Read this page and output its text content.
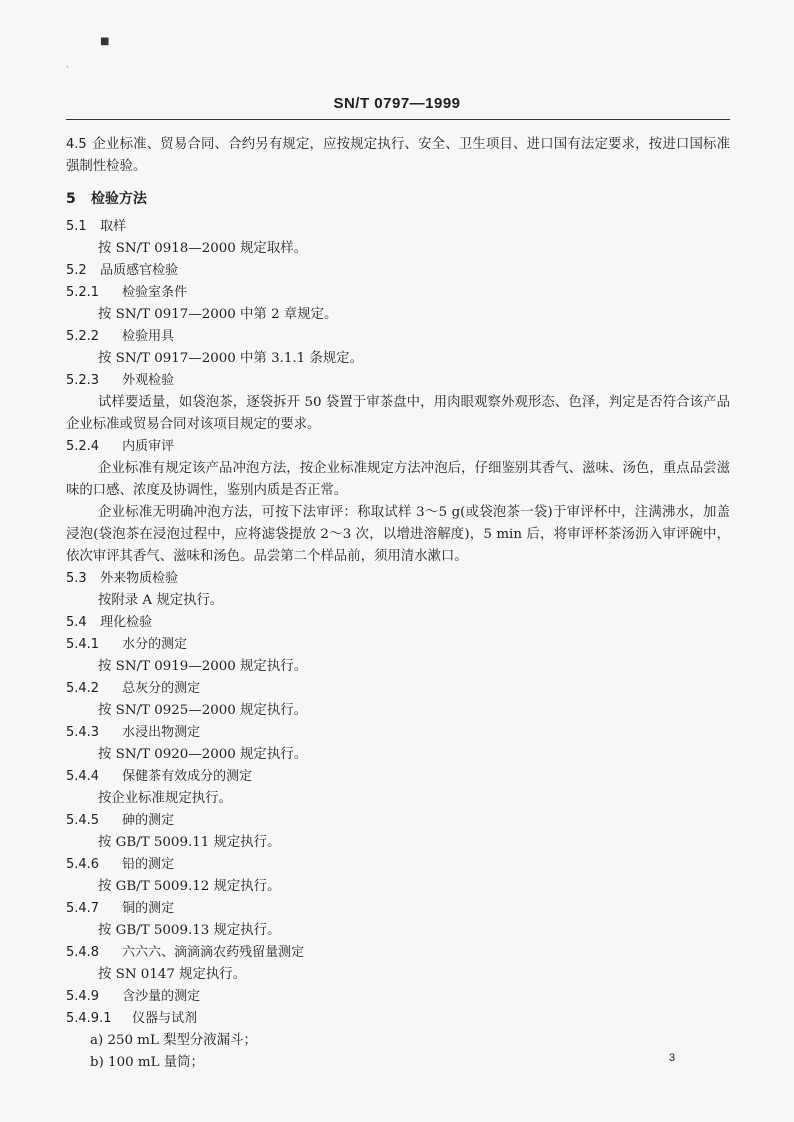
■
ˋ
SN/T 0797—1999
4.5 企业标准、贸易合同、合约另有规定，应按规定执行、安全、卫生项目、进口国有法定要求，按进口国标准强制性检验。
5 检验方法
5.1 取样
按 SN/T 0918—2000 规定取样。
5.2 品质感官检验
5.2.1 检验室条件
按 SN/T 0917—2000 中第 2 章规定。
5.2.2 检验用具
按 SN/T 0917—2000 中第 3.1.1 条规定。
5.2.3 外观检验
试样要适量，如袋泡茶，逐袋拆开 50 袋置于审茶盘中，用肉眼观察外观形态、色泽，判定是否符合该产品企业标准或贸易合同对该项目规定的要求。
5.2.4 内质审评
企业标准有规定该产品冲泡方法，按企业标准规定方法冲泡后，仔细鉴别其香气、滋味、汤色，重点品尝滋味的口感、浓度及协调性，鉴别内质是否正常。
企业标准无明确冲泡方法，可按下法审评：称取试样 3～5 g(或袋泡茶一袋)于审评杯中，注满沸水，加盖浸泡(袋泡茶在浸泡过程中，应将滤袋提放 2～3 次，以增进溶解度)，5 min 后，将审评杯茶汤沥入审评碗中，依次审评其香气、滋味和汤色。品尝第二个样品前，须用清水漱口。
5.3 外来物质检验
按附录 A 规定执行。
5.4 理化检验
5.4.1 水分的测定
按 SN/T 0919—2000 规定执行。
5.4.2 总灰分的测定
按 SN/T 0925—2000 规定执行。
5.4.3 水浸出物测定
按 SN/T 0920—2000 规定执行。
5.4.4 保健茶有效成分的测定
按企业标准规定执行。
5.4.5 砷的测定
按 GB/T 5009.11 规定执行。
5.4.6 铅的测定
按 GB/T 5009.12 规定执行。
5.4.7 铜的测定
按 GB/T 5009.13 规定执行。
5.4.8 六六六、滴滴滴农药残留量测定
按 SN 0147 规定执行。
5.4.9 含沙量的测定
5.4.9.1 仪器与试剂
a) 250 mL 梨型分液漏斗；
b) 100 mL 量筒；	3
